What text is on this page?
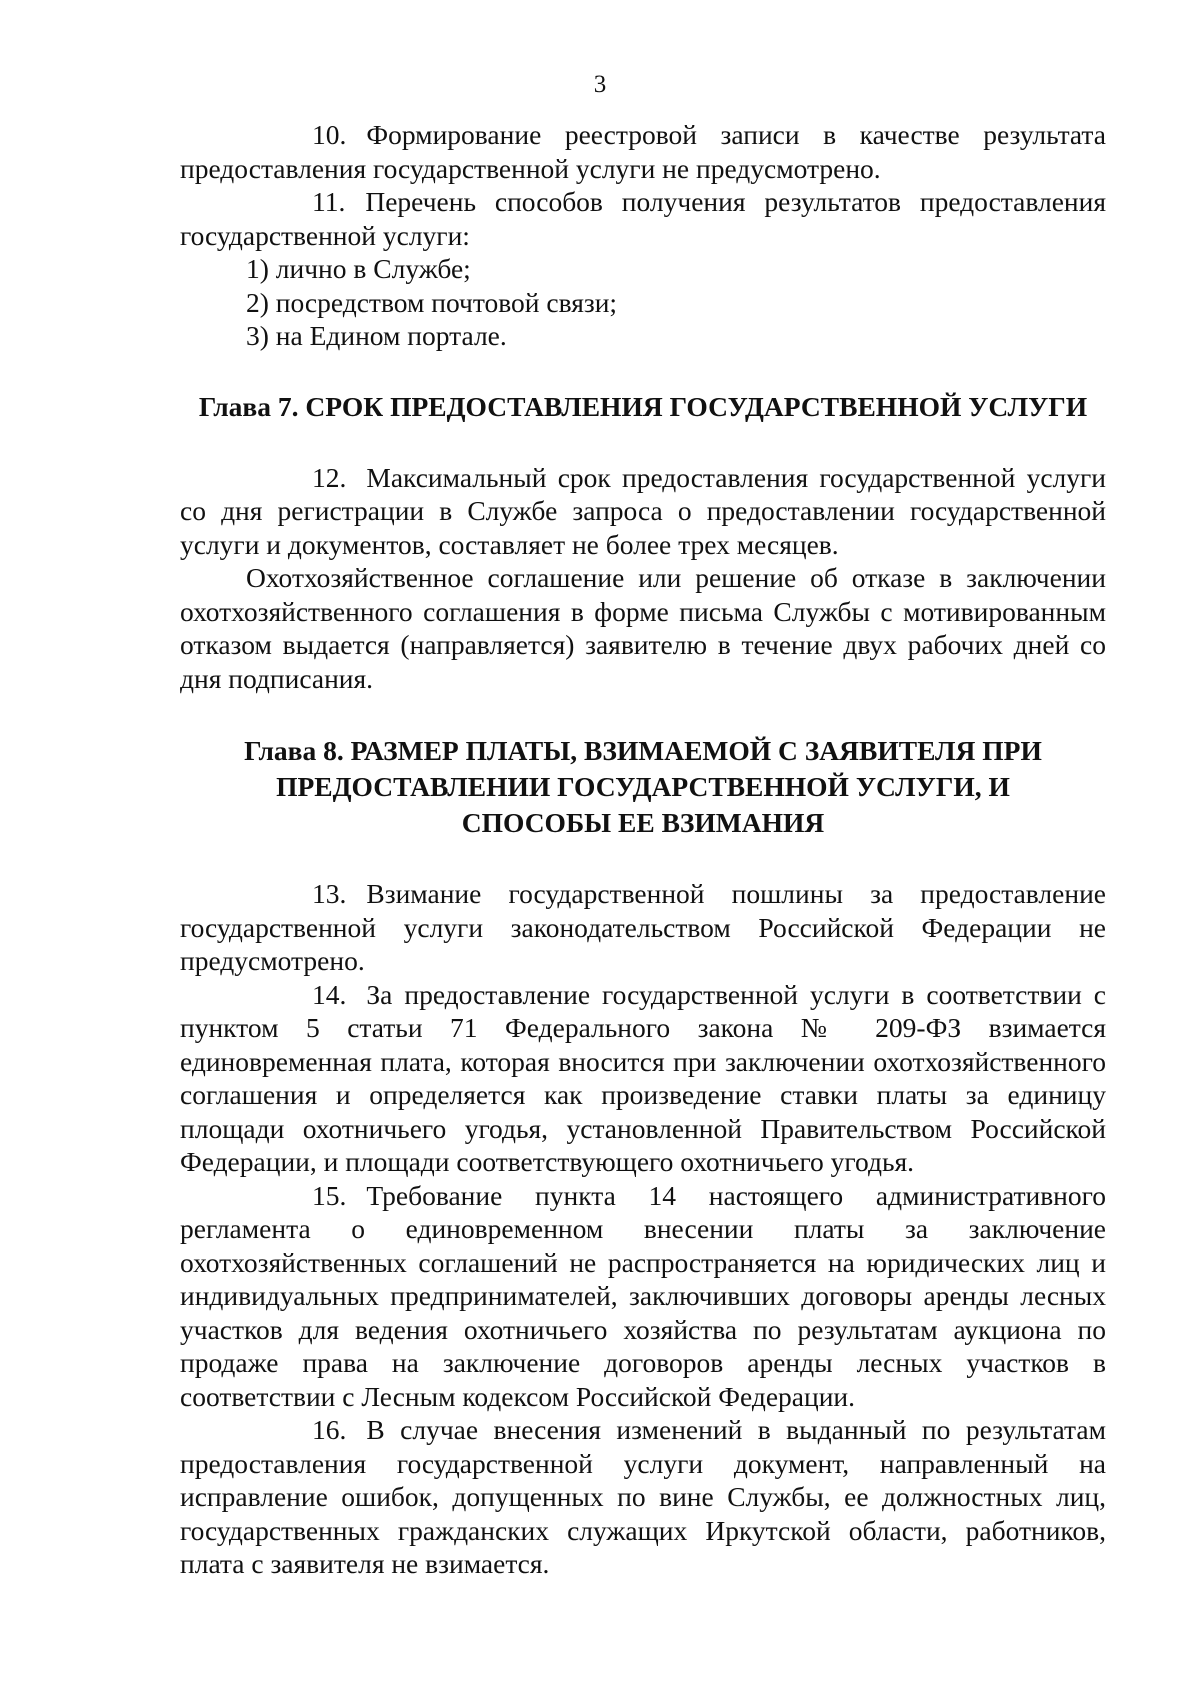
3

10. Формирование реестровой записи в качестве результата предоставления государственной услуги не предусмотрено.

11. Перечень способов получения результатов предоставления государственной услуги:

1) лично в Службе;

2) посредством почтовой связи;

3) на Едином портале.

Глава 7. СРОК ПРЕДОСТАВЛЕНИЯ ГОСУДАРСТВЕННОЙ УСЛУГИ

12. Максимальный срок предоставления государственной услуги со дня регистрации в Службе запроса о предоставлении государственной услуги и документов, составляет не более трех месяцев.

Охотхозяйственное соглашение или решение об отказе в заключении охотхозяйственного соглашения в форме письма Службы с мотивированным отказом выдается (направляется) заявителю в течение двух рабочих дней со дня подписания.

Глава 8. РАЗМЕР ПЛАТЫ, ВЗИМАЕМОЙ С ЗАЯВИТЕЛЯ ПРИ ПРЕДОСТАВЛЕНИИ ГОСУДАРСТВЕННОЙ УСЛУГИ, И СПОСОБЫ ЕЕ ВЗИМАНИЯ

13. Взимание государственной пошлины за предоставление государственной услуги законодательством Российской Федерации не предусмотрено.

14. За предоставление государственной услуги в соответствии с пунктом 5 статьи 71 Федерального закона № 209-ФЗ взимается единовременная плата, которая вносится при заключении охотхозяйственного соглашения и определяется как произведение ставки платы за единицу площади охотничьего угодья, установленной Правительством Российской Федерации, и площади соответствующего охотничьего угодья.

15. Требование пункта 14 настоящего административного регламента о единовременном внесении платы за заключение охотхозяйственных соглашений не распространяется на юридических лиц и индивидуальных предпринимателей, заключивших договоры аренды лесных участков для ведения охотничьего хозяйства по результатам аукциона по продаже права на заключение договоров аренды лесных участков в соответствии с Лесным кодексом Российской Федерации.

16. В случае внесения изменений в выданный по результатам предоставления государственной услуги документ, направленный на исправление ошибок, допущенных по вине Службы, ее должностных лиц, государственных гражданских служащих Иркутской области, работников, плата с заявителя не взимается.
